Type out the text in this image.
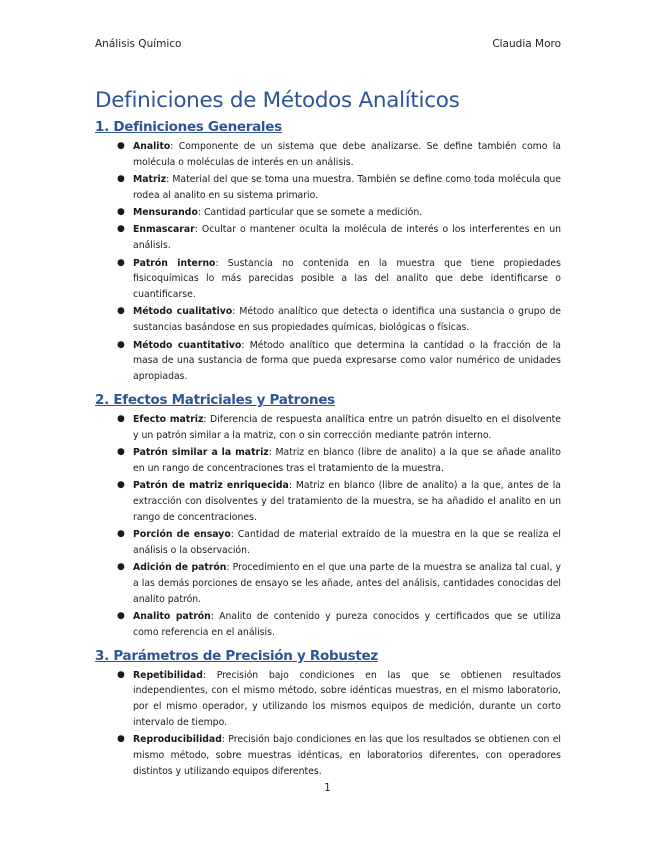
Análisis Químico	Claudia Moro
Definiciones de Métodos Analíticos
1. Definiciones Generales
● Analito: Componente de un sistema que debe analizarse. Se define también como la molécula o moléculas de interés en un análisis.
● Matriz: Material del que se toma una muestra. También se define como toda molécula que rodea al analito en su sistema primario.
● Mensurando: Cantidad particular que se somete a medición.
● Enmascarar: Ocultar o mantener oculta la molécula de interés o los interferentes en un análisis.
● Patrón interno: Sustancia no contenida en la muestra que tiene propiedades fisicoquímicas lo más parecidas posible a las del analito que debe identificarse o cuantificarse.
● Método cualitativo: Método analítico que detecta o identifica una sustancia o grupo de sustancias basándose en sus propiedades químicas, biológicas o físicas.
● Método cuantitativo: Método analítico que determina la cantidad o la fracción de la masa de una sustancia de forma que pueda expresarse como valor numérico de unidades apropiadas.
2. Efectos Matriciales y Patrones
● Efecto matriz: Diferencia de respuesta analítica entre un patrón disuelto en el disolvente y un patrón similar a la matriz, con o sin corrección mediante patrón interno.
● Patrón similar a la matriz: Matriz en blanco (libre de analito) a la que se añade analito en un rango de concentraciones tras el tratamiento de la muestra.
● Patrón de matriz enriquecida: Matriz en blanco (libre de analito) a la que, antes de la extracción con disolventes y del tratamiento de la muestra, se ha añadido el analito en un rango de concentraciones.
● Porción de ensayo: Cantidad de material extraído de la muestra en la que se realiza el análisis o la observación.
● Adición de patrón: Procedimiento en el que una parte de la muestra se analiza tal cual, y a las demás porciones de ensayo se les añade, antes del análisis, cantidades conocidas del analito patrón.
● Analito patrón: Analito de contenido y pureza conocidos y certificados que se utiliza como referencia en el análisis.
3. Parámetros de Precisión y Robustez
● Repetibilidad: Precisión bajo condiciones en las que se obtienen resultados independientes, con el mismo método, sobre idénticas muestras, en el mismo laboratorio, por el mismo operador, y utilizando los mismos equipos de medición, durante un corto intervalo de tiempo.
● Reproducibilidad: Precisión bajo condiciones en las que los resultados se obtienen con el mismo método, sobre muestras idénticas, en laboratorios diferentes, con operadores distintos y utilizando equipos diferentes.
1
